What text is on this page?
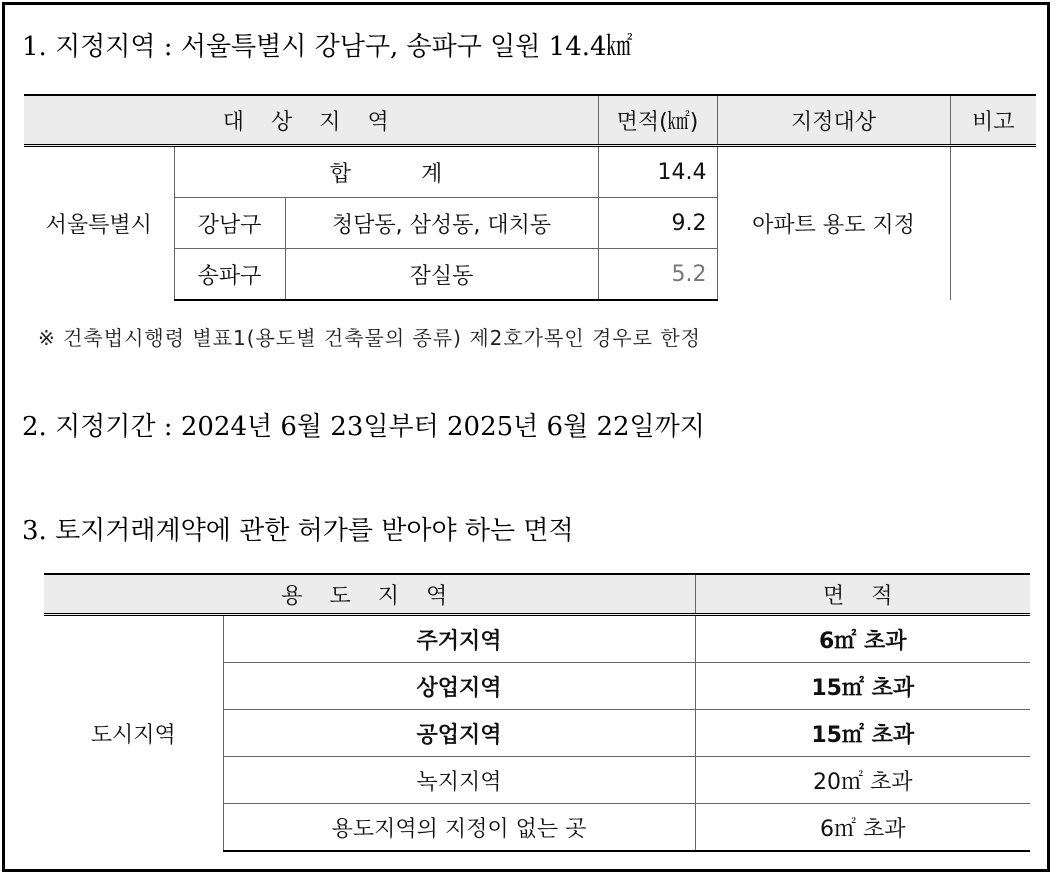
1. 지정지역 : 서울특별시 강남구, 송파구 일원 14.4㎢
대 상 지 역			면적(㎢)	지정대상	비고
서울특별시	합          계		14.4	아파트 용도 지정	
	강남구	청담동, 삼성동, 대치동	9.2		
	송파구	잠실동	5.2		
※ 건축법시행령 별표1(용도별 건축물의 종류) 제2호가목인 경우로 한정
2. 지정기간 : 2024년 6월 23일부터 2025년 6월 22일까지
3. 토지거래계약에 관한 허가를 받아야 하는 면적
용 도 지 역		면 적
도시지역	주거지역	6㎡ 초과
	상업지역	15㎡ 초과
	공업지역	15㎡ 초과
	녹지지역	20㎡ 초과
	용도지역의 지정이 없는 곳	6㎡ 초과
